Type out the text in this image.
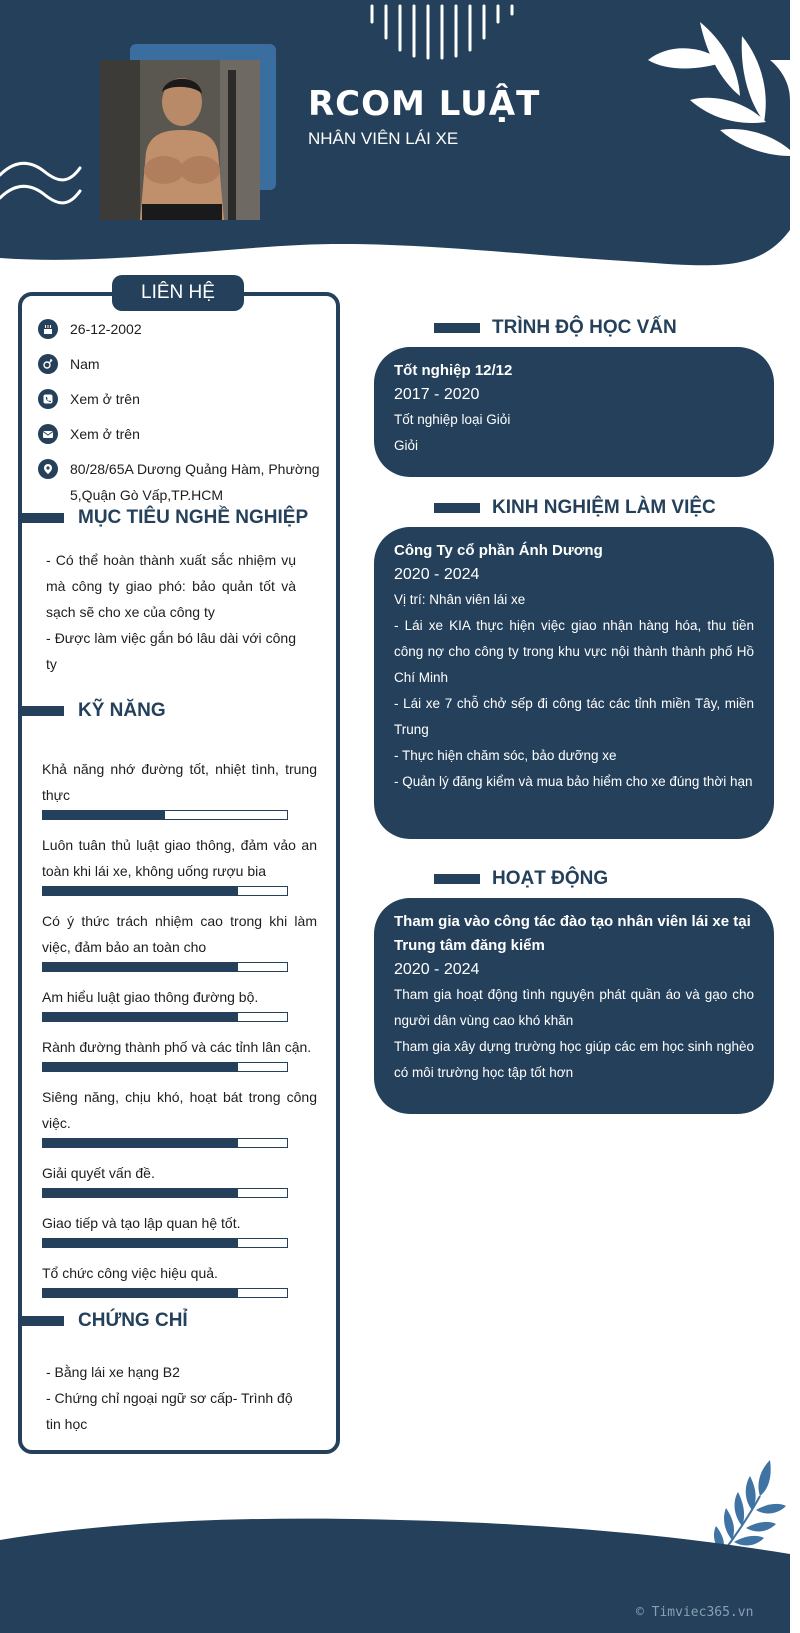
RCOM LUẬT
NHÂN VIÊN LÁI XE
LIÊN HỆ
26-12-2002
Nam
Xem ở trên
Xem ở trên
80/28/65A Dương Quảng Hàm, Phường 5,Quận Gò Vấp,TP.HCM
MỤC TIÊU NGHỀ NGHIỆP
- Có thể hoàn thành xuất sắc nhiệm vụ mà công ty giao phó: bảo quản tốt và sạch sẽ cho xe của công ty
- Được làm việc gắn bó lâu dài với công ty
KỸ NĂNG
Khả năng nhớ đường tốt, nhiệt tình, trung thực
Luôn tuân thủ luật giao thông, đảm vảo an toàn khi lái xe, không uống rượu bia
Có ý thức trách nhiệm cao trong khi làm việc, đảm bảo an toàn cho
Am hiểu luật giao thông đường bộ.
Rành đường thành phố và các tỉnh lân cận.
Siêng năng, chịu khó, hoạt bát trong công việc.
Giải quyết vấn đề.
Giao tiếp và tạo lập quan hệ tốt.
Tổ chức công việc hiệu quả.
CHỨNG CHỈ
- Bằng lái xe hạng B2
- Chứng chỉ ngoại ngữ sơ cấp- Trình độ tin học
TRÌNH ĐỘ HỌC VẤN
Tốt nghiệp 12/12
2017 - 2020
Tốt nghiệp loại Giỏi
Giỏi
KINH NGHIỆM LÀM VIỆC
Công Ty cổ phần Ánh Dương
2020 - 2024
Vị trí: Nhân viên lái xe
- Lái xe KIA thực hiện việc giao nhận hàng hóa, thu tiền công nợ cho công ty trong khu vực nội thành thành phố Hồ Chí Minh
- Lái xe 7 chỗ chở sếp đi công tác các tỉnh miền Tây, miền Trung
- Thực hiện chăm sóc, bảo dưỡng xe
- Quản lý đăng kiểm và mua bảo hiểm cho xe đúng thời hạn
HOẠT ĐỘNG
Tham gia vào công tác đào tạo nhân viên lái xe tại Trung tâm đăng kiểm
2020 - 2024
Tham gia hoạt động tình nguyện phát quần áo và gạo cho người dân vùng cao khó khăn
Tham gia xây dựng trường học giúp các em học sinh nghèo có môi trường học tập tốt hơn
© Timviec365.vn
